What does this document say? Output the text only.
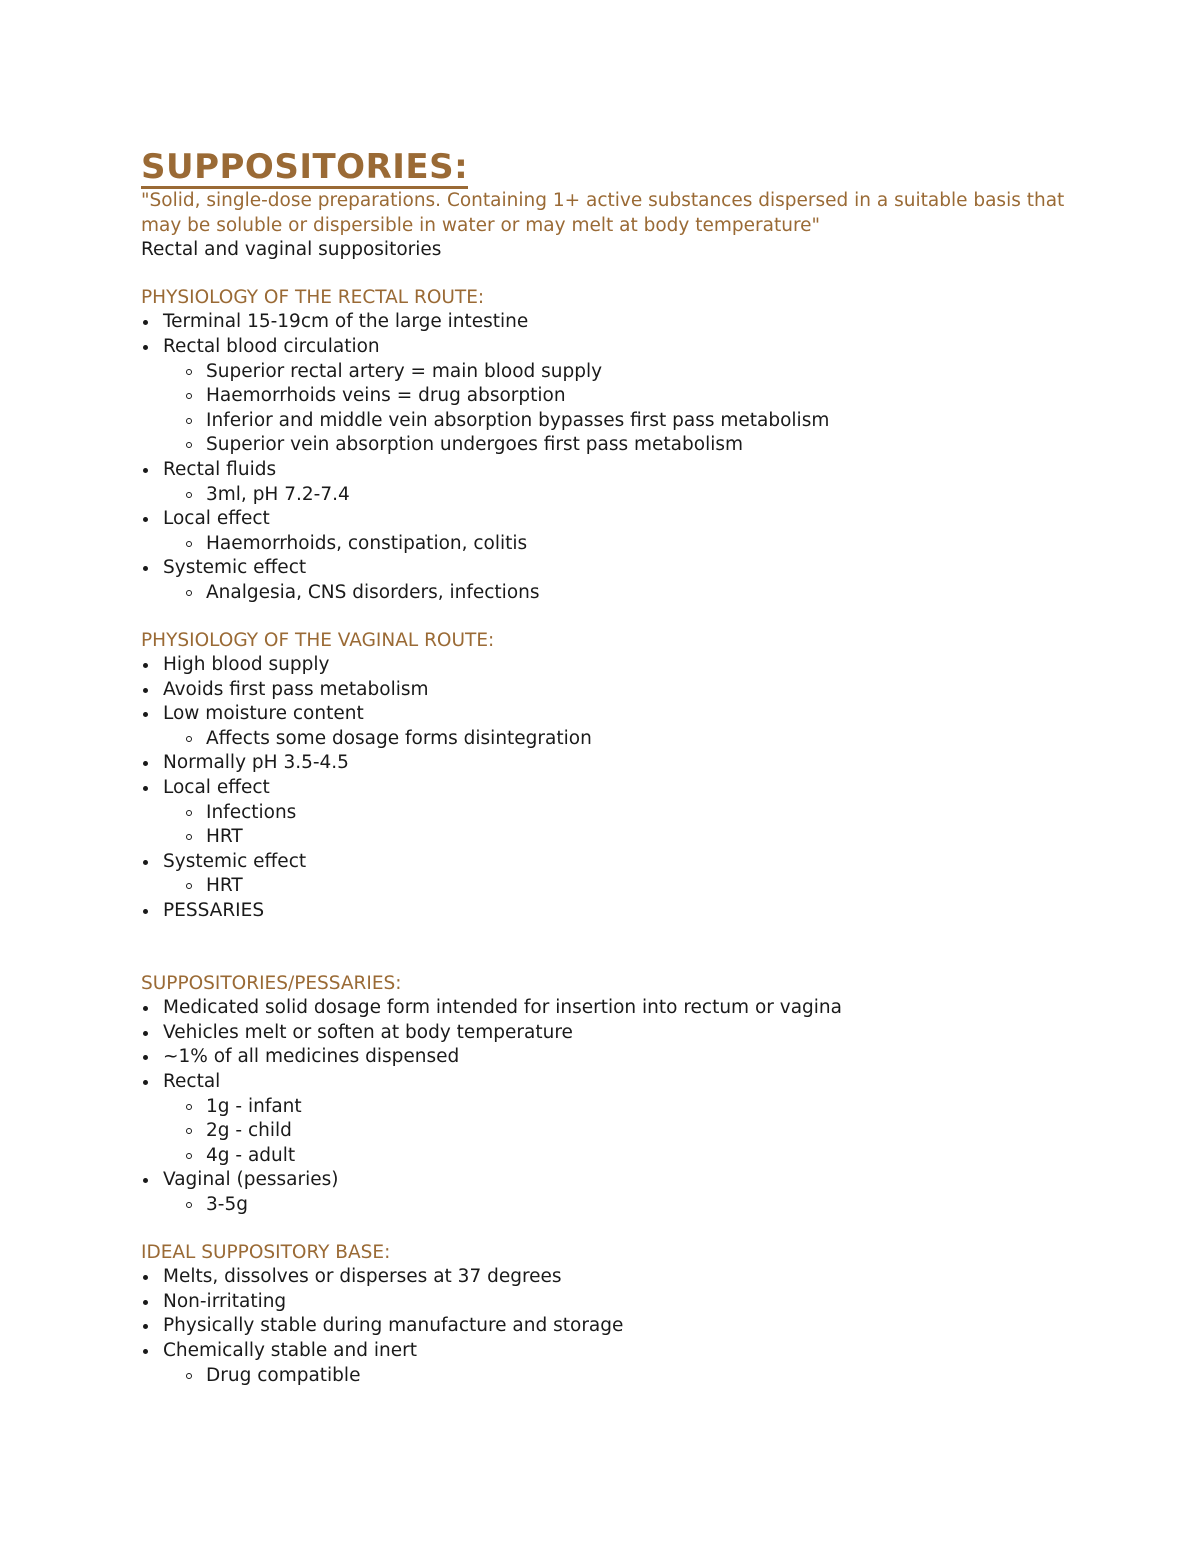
SUPPOSITORIES:

"Solid, single-dose preparations. Containing 1+ active substances dispersed in a suitable basis that may be soluble or dispersible in water or may melt at body temperature"

Rectal and vaginal suppositories

PHYSIOLOGY OF THE RECTAL ROUTE:

Terminal 15-19cm of the large intestine
Rectal blood circulation
Superior rectal artery = main blood supply
Haemorrhoids veins = drug absorption
Inferior and middle vein absorption bypasses first pass metabolism
Superior vein absorption undergoes first pass metabolism
Rectal fluids
3ml, pH 7.2-7.4
Local effect
Haemorrhoids, constipation, colitis
Systemic effect
Analgesia, CNS disorders, infections

PHYSIOLOGY OF THE VAGINAL ROUTE:

High blood supply
Avoids first pass metabolism
Low moisture content
Affects some dosage forms disintegration
Normally pH 3.5-4.5
Local effect
Infections
HRT
Systemic effect
HRT
PESSARIES

SUPPOSITORIES/PESSARIES:

Medicated solid dosage form intended for insertion into rectum or vagina
Vehicles melt or soften at body temperature
~1% of all medicines dispensed
Rectal
1g - infant
2g - child
4g - adult
Vaginal (pessaries)
3-5g

IDEAL SUPPOSITORY BASE:

Melts, dissolves or disperses at 37 degrees
Non-irritating
Physically stable during manufacture and storage
Chemically stable and inert
Drug compatible
